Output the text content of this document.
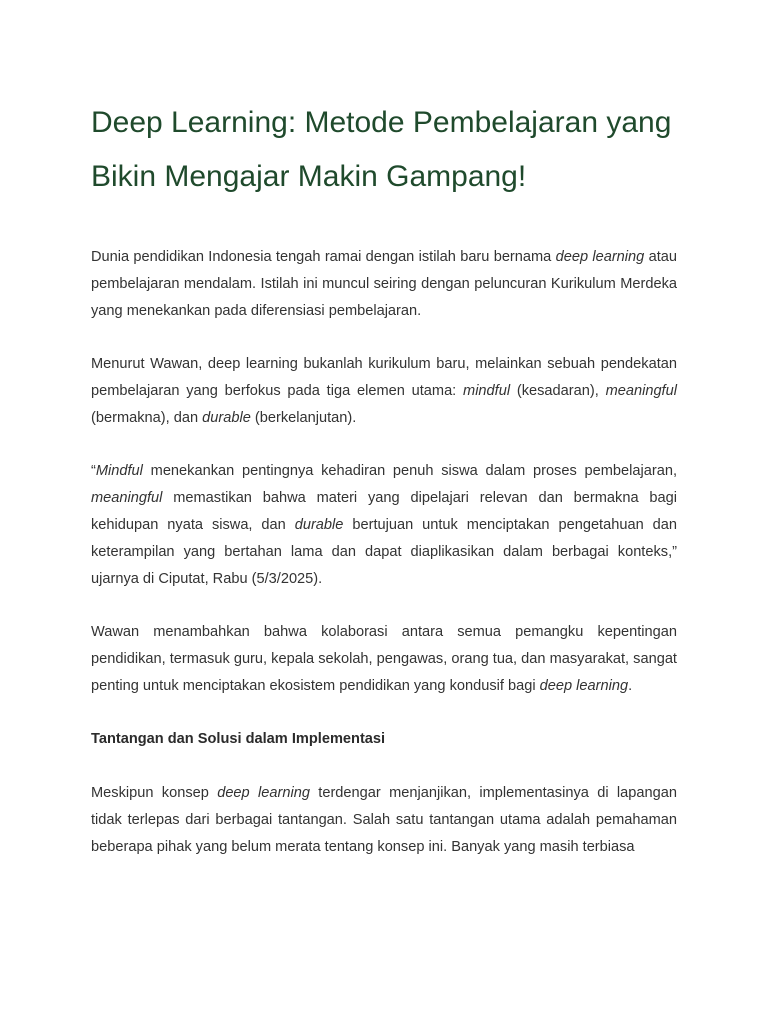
Deep Learning: Metode Pembelajaran yang Bikin Mengajar Makin Gampang!

Dunia pendidikan Indonesia tengah ramai dengan istilah baru bernama deep learning atau pembelajaran mendalam. Istilah ini muncul seiring dengan peluncuran Kurikulum Merdeka yang menekankan pada diferensiasi pembelajaran.

Menurut Wawan, deep learning bukanlah kurikulum baru, melainkan sebuah pendekatan pembelajaran yang berfokus pada tiga elemen utama: mindful (kesadaran), meaningful (bermakna), dan durable (berkelanjutan).

“Mindful menekankan pentingnya kehadiran penuh siswa dalam proses pembelajaran, meaningful memastikan bahwa materi yang dipelajari relevan dan bermakna bagi kehidupan nyata siswa, dan durable bertujuan untuk menciptakan pengetahuan dan keterampilan yang bertahan lama dan dapat diaplikasikan dalam berbagai konteks,” ujarnya di Ciputat, Rabu (5/3/2025).

Wawan menambahkan bahwa kolaborasi antara semua pemangku kepentingan pendidikan, termasuk guru, kepala sekolah, pengawas, orang tua, dan masyarakat, sangat penting untuk menciptakan ekosistem pendidikan yang kondusif bagi deep learning.

Tantangan dan Solusi dalam Implementasi

Meskipun konsep deep learning terdengar menjanjikan, implementasinya di lapangan tidak terlepas dari berbagai tantangan. Salah satu tantangan utama adalah pemahaman beberapa pihak yang belum merata tentang konsep ini. Banyak yang masih terbiasa
